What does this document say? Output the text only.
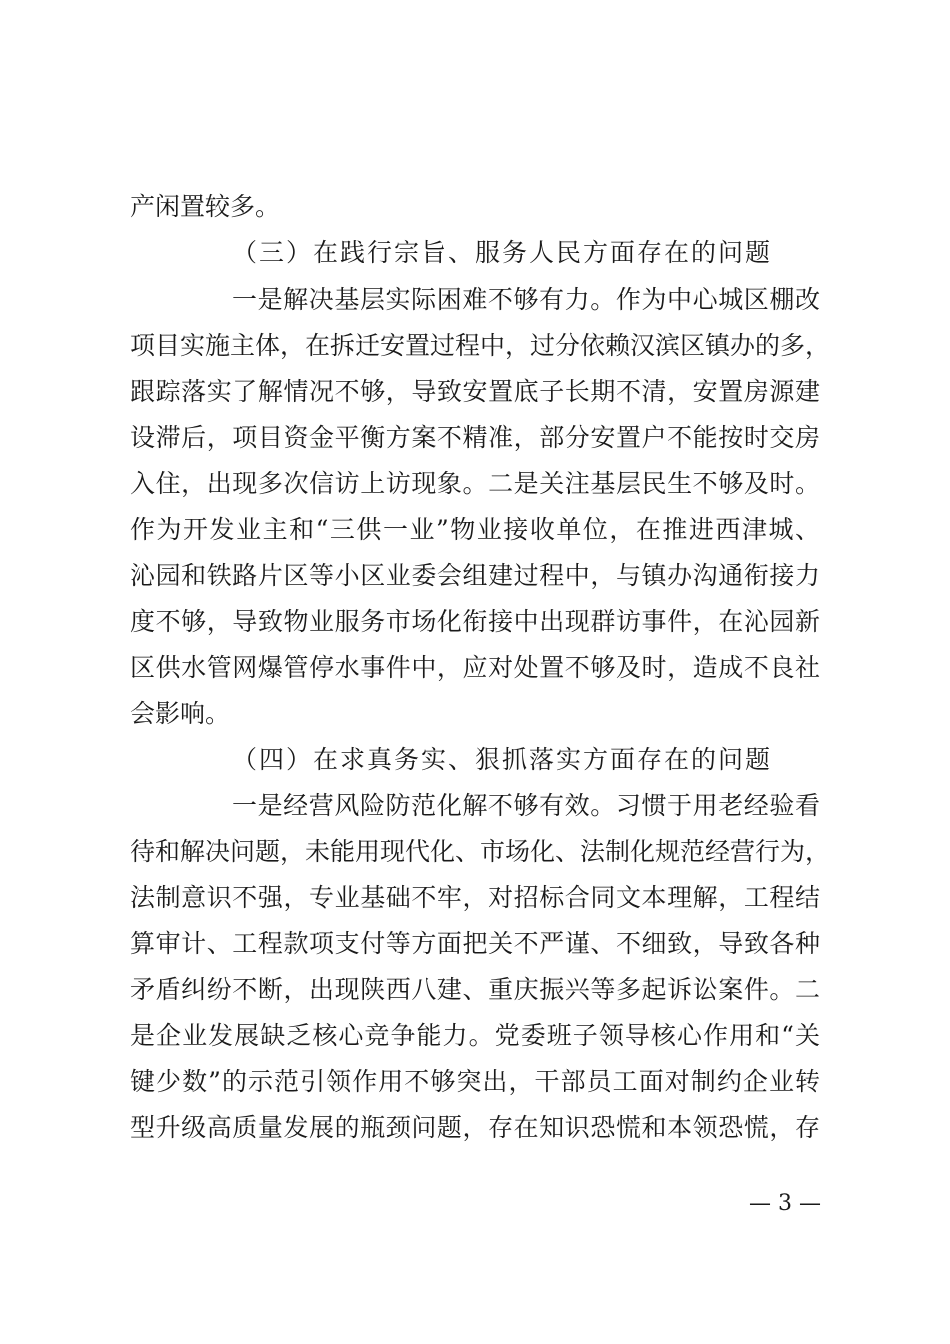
产闲置较多。
（三）在践行宗旨、服务人民方面存在的问题
一是解决基层实际困难不够有力。作为中心城区棚改
项目实施主体，在拆迁安置过程中，过分依赖汉滨区镇办的多，
跟踪落实了解情况不够，导致安置底子长期不清，安置房源建
设滞后，项目资金平衡方案不精准，部分安置户不能按时交房
入住，出现多次信访上访现象。二是关注基层民生不够及时。
作为开发业主和“三供一业”物业接收单位，在推进西津城、
沁园和铁路片区等小区业委会组建过程中，与镇办沟通衔接力
度不够，导致物业服务市场化衔接中出现群访事件，在沁园新
区供水管网爆管停水事件中，应对处置不够及时，造成不良社
会影响。
（四）在求真务实、狠抓落实方面存在的问题
一是经营风险防范化解不够有效。习惯于用老经验看
待和解决问题，未能用现代化、市场化、法制化规范经营行为，
法制意识不强，专业基础不牢，对招标合同文本理解，工程结
算审计、工程款项支付等方面把关不严谨、不细致，导致各种
矛盾纠纷不断，出现陕西八建、重庆振兴等多起诉讼案件。二
是企业发展缺乏核心竞争能力。党委班子领导核心作用和“关
键少数”的示范引领作用不够突出，干部员工面对制约企业转
型升级高质量发展的瓶颈问题，存在知识恐慌和本领恐慌，存
— 3 —
